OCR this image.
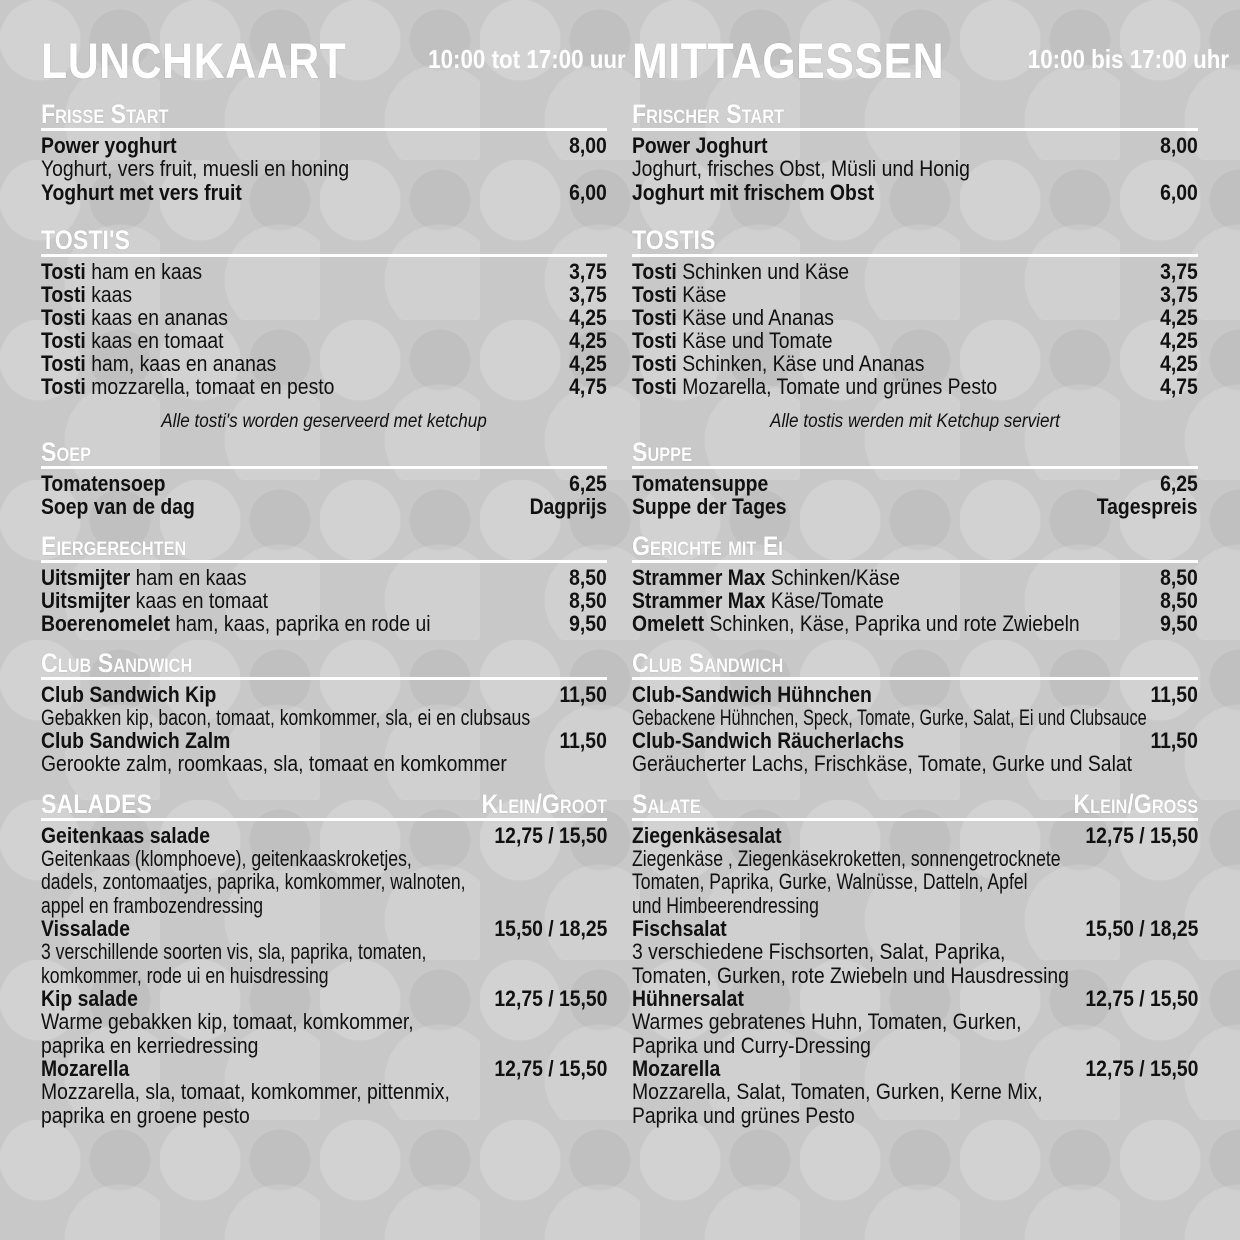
LUNCHKAART	10:00 tot 17:00 uur
Frisse Start
Power yoghurt	8,00
Yoghurt, vers fruit, muesli en honing
Yoghurt met vers fruit	6,00
TOSTI'S
Tosti ham en kaas	3,75
Tosti kaas	3,75
Tosti kaas en ananas	4,25
Tosti kaas en tomaat	4,25
Tosti ham, kaas en ananas	4,25
Tosti mozzarella, tomaat en pesto	4,75
Alle tosti's worden geserveerd met ketchup
Soep
Tomatensoep	6,25
Soep van de dag	Dagprijs
Eiergerechten
Uitsmijter ham en kaas	8,50
Uitsmijter kaas en tomaat	8,50
Boerenomelet ham, kaas, paprika en rode ui	9,50
Club Sandwich
Club Sandwich Kip	11,50
Gebakken kip, bacon, tomaat, komkommer, sla, ei en clubsaus
Club Sandwich Zalm	11,50
Gerookte zalm, roomkaas, sla, tomaat en komkommer
SALADES	Klein/Groot
Geitenkaas salade	12,75 / 15,50
Geitenkaas (klomphoeve), geitenkaaskroketjes,
dadels, zontomaatjes, paprika, komkommer, walnoten,
appel en frambozendressing
Vissalade	15,50 / 18,25
3 verschillende soorten vis, sla, paprika, tomaten,
komkommer, rode ui en huisdressing
Kip salade	12,75 / 15,50
Warme gebakken kip, tomaat, komkommer,
paprika en kerriedressing
Mozarella	12,75 / 15,50
Mozzarella, sla, tomaat, komkommer, pittenmix,
paprika en groene pesto
MITTAGESSEN	10:00 bis 17:00 uhr
Frischer Start
Power Joghurt	8,00
Joghurt, frisches Obst, Müsli und Honig
Joghurt mit frischem Obst	6,00
TOSTIS
Tosti Schinken und Käse	3,75
Tosti Käse	3,75
Tosti Käse und Ananas	4,25
Tosti Käse und Tomate	4,25
Tosti Schinken, Käse und Ananas	4,25
Tosti Mozarella, Tomate und grünes Pesto	4,75
Alle tostis werden mit Ketchup serviert
Suppe
Tomatensuppe	6,25
Suppe der Tages	Tagespreis
Gerichte mit Ei
Strammer Max Schinken/Käse	8,50
Strammer Max Käse/Tomate	8,50
Omelett Schinken, Käse, Paprika und rote Zwiebeln	9,50
Club Sandwich
Club-Sandwich Hühnchen	11,50
Gebackene Hühnchen, Speck, Tomate, Gurke, Salat, Ei und Clubsauce
Club-Sandwich Räucherlachs	11,50
Geräucherter Lachs, Frischkäse, Tomate, Gurke und Salat
Salate	Klein/Groß
Ziegenkäsesalat	12,75 / 15,50
Ziegenkäse , Ziegenkäsekroketten, sonnengetrocknete
Tomaten, Paprika, Gurke, Walnüsse, Datteln, Apfel
und Himbeerendressing
Fischsalat	15,50 / 18,25
3 verschiedene Fischsorten, Salat, Paprika,
Tomaten, Gurken, rote Zwiebeln und Hausdressing
Hühnersalat	12,75 / 15,50
Warmes gebratenes Huhn, Tomaten, Gurken,
Paprika und Curry-Dressing
Mozarella	12,75 / 15,50
Mozzarella, Salat, Tomaten, Gurken, Kerne Mix,
Paprika und grünes Pesto
